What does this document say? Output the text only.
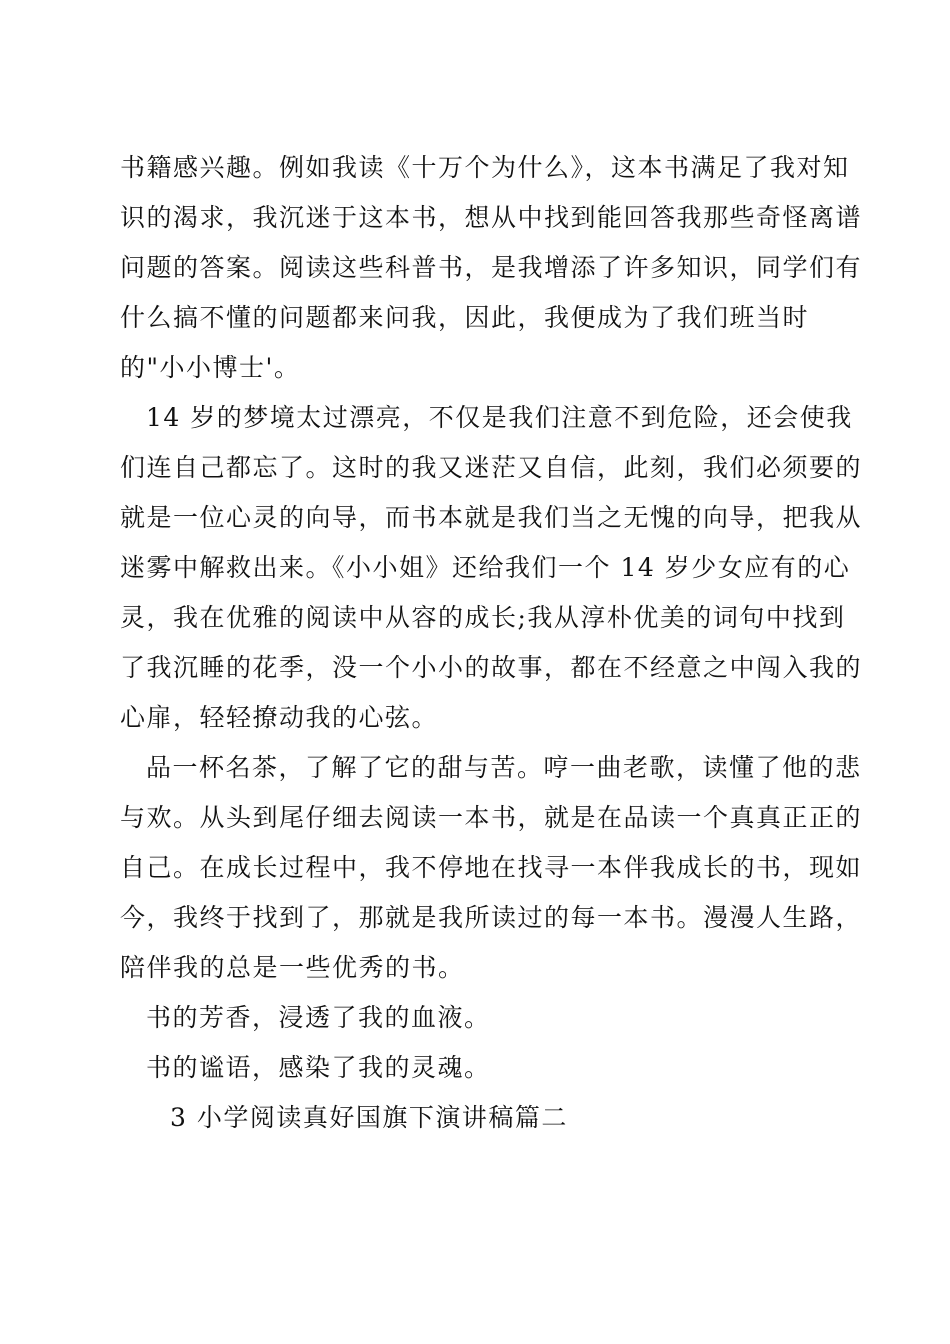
书籍感兴趣。例如我读《十万个为什么》，这本书满足了我对知
识的渴求，我沉迷于这本书，想从中找到能回答我那些奇怪离谱
问题的答案。阅读这些科普书，是我增添了许多知识，同学们有
什么搞不懂的问题都来问我，因此，我便成为了我们班当时
的"小小博士'。
14 岁的梦境太过漂亮，不仅是我们注意不到危险，还会使我
们连自己都忘了。这时的我又迷茫又自信，此刻，我们必须要的
就是一位心灵的向导，而书本就是我们当之无愧的向导，把我从
迷雾中解救出来。《小小姐》还给我们一个 14 岁少女应有的心
灵，我在优雅的阅读中从容的成长;我从淳朴优美的词句中找到
了我沉睡的花季，没一个小小的故事，都在不经意之中闯入我的
心扉，轻轻撩动我的心弦。
品一杯名茶，了解了它的甜与苦。哼一曲老歌，读懂了他的悲
与欢。从头到尾仔细去阅读一本书，就是在品读一个真真正正的
自己。在成长过程中，我不停地在找寻一本伴我成长的书，现如
今，我终于找到了，那就是我所读过的每一本书。漫漫人生路，
陪伴我的总是一些优秀的书。
书的芳香，浸透了我的血液。
书的谧语，感染了我的灵魂。
3 小学阅读真好国旗下演讲稿篇二
